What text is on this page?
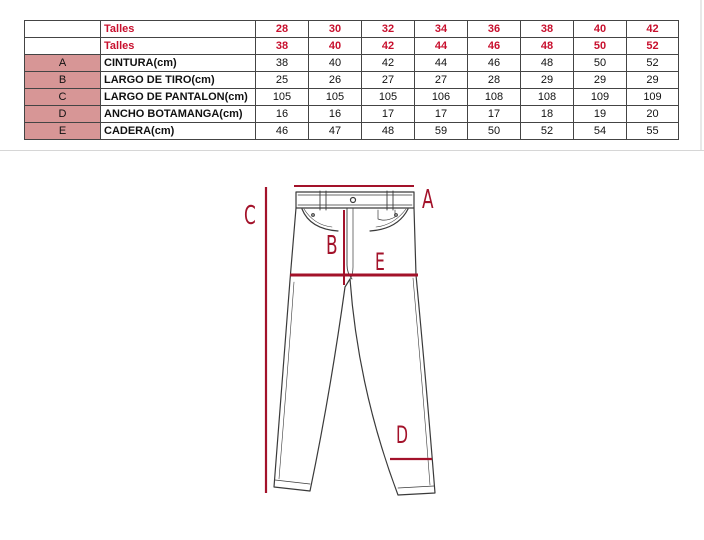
	Talles	28	30	32	34	36	38	40	42
	Talles	38	40	42	44	46	48	50	52
A	CINTURA(cm)	38	40	42	44	46	48	50	52
B	LARGO DE TIRO(cm)	25	26	27	27	28	29	29	29
C	LARGO DE PANTALON(cm)	105	105	105	106	108	108	109	109
D	ANCHO BOTAMANGA(cm)	16	16	17	17	17	18	19	20
E	CADERA(cm)	46	47	48	59	50	52	54	55
A
C
B
E
D
